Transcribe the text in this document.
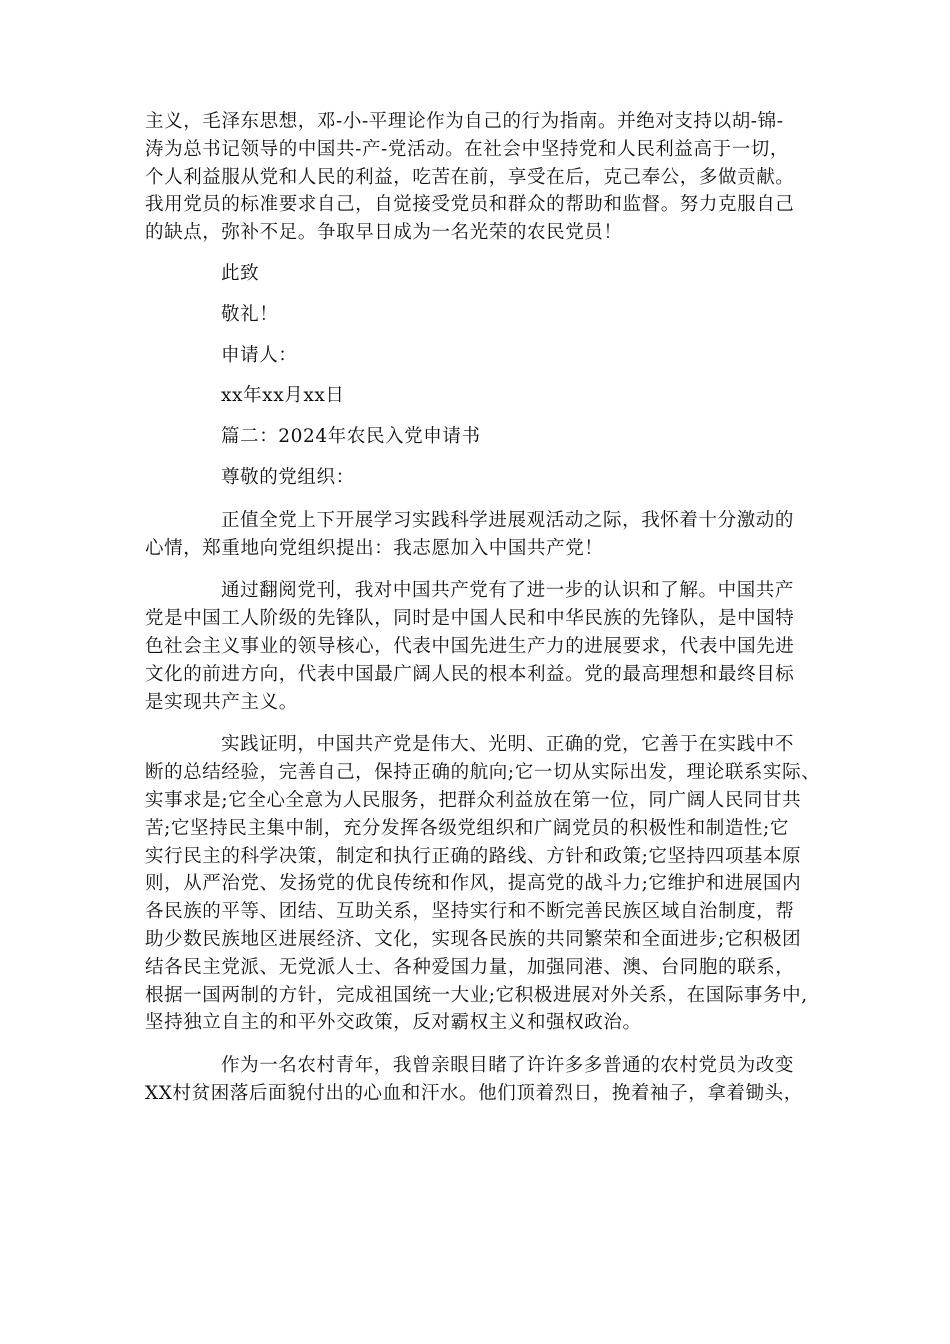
主义，毛泽东思想，邓-小-平理论作为自己的行为指南。并绝对支持以胡-锦-
涛为总书记领导的中国共-产-党活动。在社会中坚持党和人民利益高于一切，
个人利益服从党和人民的利益，吃苦在前，享受在后，克己奉公，多做贡献。
我用党员的标准要求自己，自觉接受党员和群众的帮助和监督。努力克服自己
的缺点，弥补不足。争取早日成为一名光荣的农民党员！

此致

敬礼！

申请人：

xx年xx月xx日

篇二：2024年农民入党申请书

尊敬的党组织：

正值全党上下开展学习实践科学进展观活动之际，我怀着十分激动的
心情，郑重地向党组织提出：我志愿加入中国共产党！

通过翻阅党刊，我对中国共产党有了进一步的认识和了解。中国共产
党是中国工人阶级的先锋队，同时是中国人民和中华民族的先锋队，是中国特
色社会主义事业的领导核心，代表中国先进生产力的进展要求，代表中国先进
文化的前进方向，代表中国最广阔人民的根本利益。党的最高理想和最终目标
是实现共产主义。

实践证明，中国共产党是伟大、光明、正确的党，它善于在实践中不
断的总结经验，完善自己，保持正确的航向;它一切从实际出发，理论联系实际、
实事求是;它全心全意为人民服务，把群众利益放在第一位，同广阔人民同甘共
苦;它坚持民主集中制，充分发挥各级党组织和广阔党员的积极性和制造性;它
实行民主的科学决策，制定和执行正确的路线、方针和政策;它坚持四项基本原
则，从严治党、发扬党的优良传统和作风，提高党的战斗力;它维护和进展国内
各民族的平等、团结、互助关系，坚持实行和不断完善民族区域自治制度，帮
助少数民族地区进展经济、文化，实现各民族的共同繁荣和全面进步;它积极团
结各民主党派、无党派人士、各种爱国力量，加强同港、澳、台同胞的联系，
根据一国两制的方针，完成祖国统一大业;它积极进展对外关系，在国际事务中,
坚持独立自主的和平外交政策，反对霸权主义和强权政治。

作为一名农村青年，我曾亲眼目睹了许许多多普通的农村党员为改变
XX村贫困落后面貌付出的心血和汗水。他们顶着烈日，挽着袖子，拿着锄头，
